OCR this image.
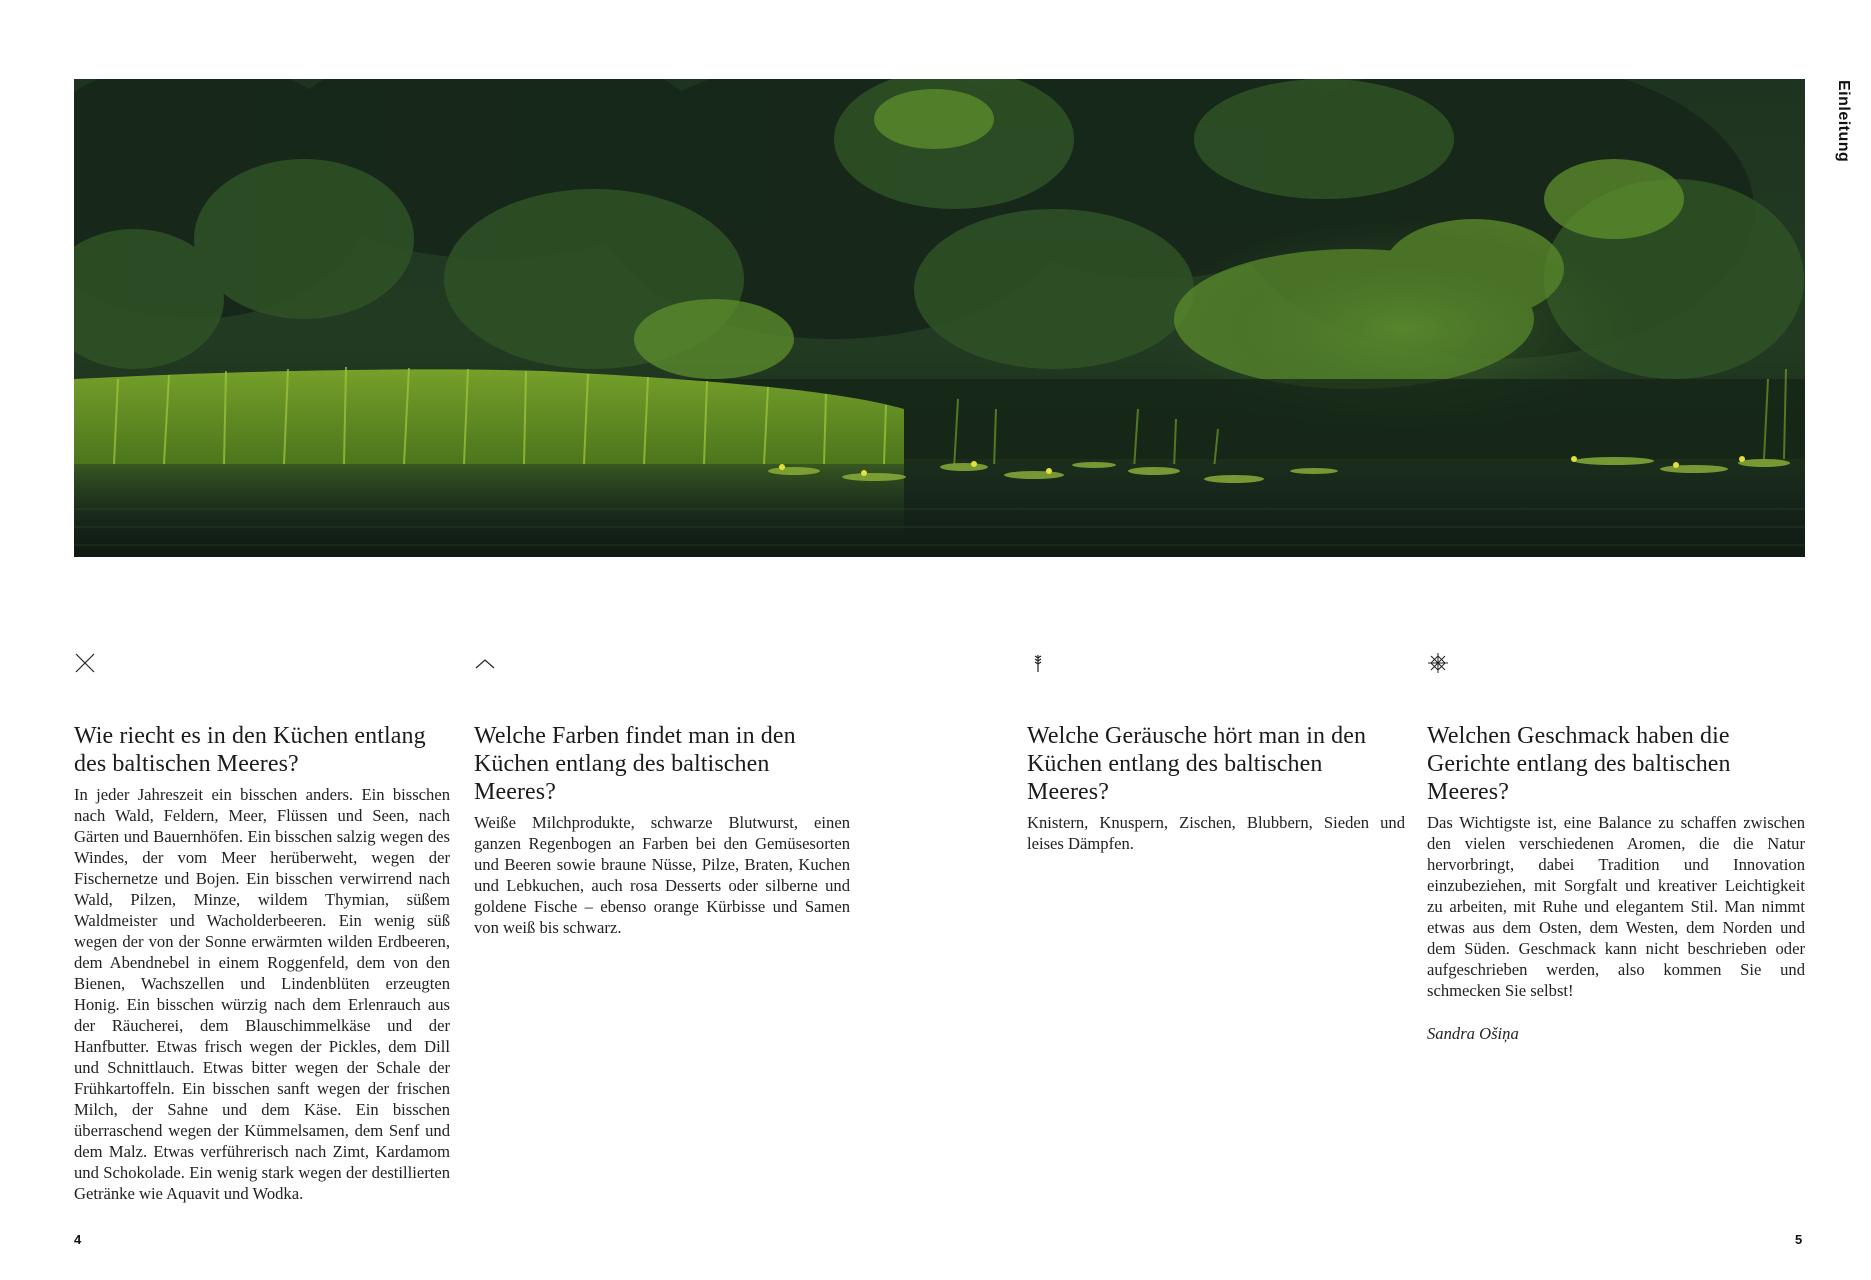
Einleitung
Wie riecht es in den Küchen entlang des baltischen Meeres?

In jeder Jahreszeit ein bisschen anders. Ein bisschen nach Wald, Feldern, Meer, Flüssen und Seen, nach Gärten und Bauernhöfen. Ein bisschen salzig wegen des Windes, der vom Meer herüberweht, wegen der Fischernetze und Bojen. Ein bisschen verwirrend nach Wald, Pilzen, Minze, wildem Thymian, süßem Waldmeister und Wacholderbeeren. Ein wenig süß wegen der von der Sonne erwärmten wilden Erdbeeren, dem Abendnebel in einem Roggenfeld, dem von den Bienen, Wachszellen und Lindenblüten erzeugten Honig. Ein bisschen würzig nach dem Erlenrauch aus der Räucherei, dem Blauschimmelkäse und der Hanfbutter. Etwas frisch wegen der Pickles, dem Dill und Schnittlauch. Etwas bitter wegen der Schale der Frühkartoffeln. Ein bisschen sanft wegen der frischen Milch, der Sahne und dem Käse. Ein bisschen überraschend wegen der Kümmelsamen, dem Senf und dem Malz. Etwas verführerisch nach Zimt, Kardamom und Schokolade. Ein wenig stark wegen der destillierten Getränke wie Aquavit und Wodka.

Welche Farben findet man in den Küchen entlang des baltischen Meeres?

Weiße Milchprodukte, schwarze Blutwurst, einen ganzen Regenbogen an Farben bei den Gemüsesorten und Beeren sowie braune Nüsse, Pilze, Braten, Kuchen und Lebkuchen, auch rosa Desserts oder silberne und goldene Fische – ebenso orange Kürbisse und Samen von weiß bis schwarz.

Welche Geräusche hört man in den Küchen entlang des baltischen Meeres?

Knistern, Knuspern, Zischen, Blubbern, Sieden und leises Dämpfen.

Welchen Geschmack haben die Gerichte entlang des baltischen Meeres?

Das Wichtigste ist, eine Balance zu schaffen zwischen den vielen verschiedenen Aromen, die die Natur hervorbringt, dabei Tradition und Innovation einzubeziehen, mit Sorgfalt und kreativer Leichtigkeit zu arbeiten, mit Ruhe und elegantem Stil. Man nimmt etwas aus dem Osten, dem Westen, dem Norden und dem Süden. Geschmack kann nicht beschrieben oder aufgeschrieben werden, also kommen Sie und schmecken Sie selbst!

Sandra Ošiņa

4	5
